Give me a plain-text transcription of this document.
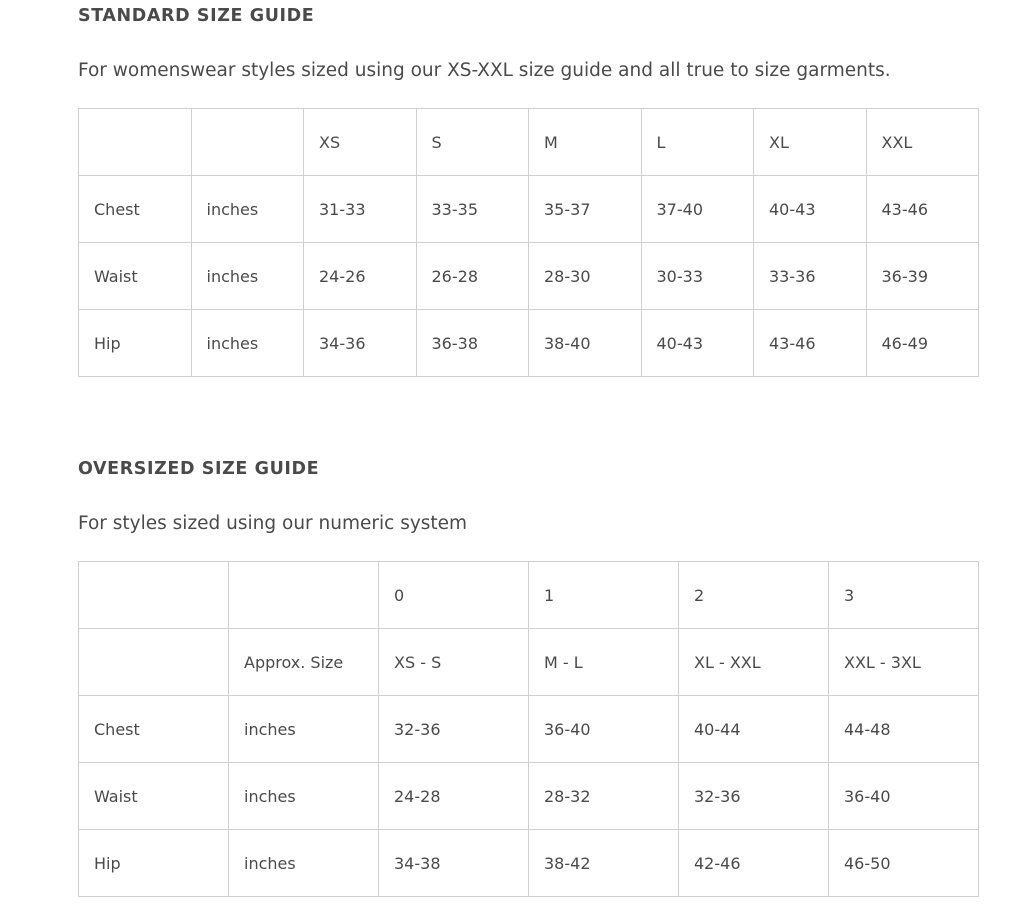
STANDARD SIZE GUIDE

For womenswear styles sized using our XS-XXL size guide and all true to size garments.

		XS	S	M	L	XL	XXL
Chest	inches	31-33	33-35	35-37	37-40	40-43	43-46
Waist	inches	24-26	26-28	28-30	30-33	33-36	36-39
Hip	inches	34-36	36-38	38-40	40-43	43-46	46-49
OVERSIZED SIZE GUIDE

For styles sized using our numeric system

		0	1	2	3
	Approx. Size	XS - S	M - L	XL - XXL	XXL - 3XL
Chest	inches	32-36	36-40	40-44	44-48
Waist	inches	24-28	28-32	32-36	36-40
Hip	inches	34-38	38-42	42-46	46-50
